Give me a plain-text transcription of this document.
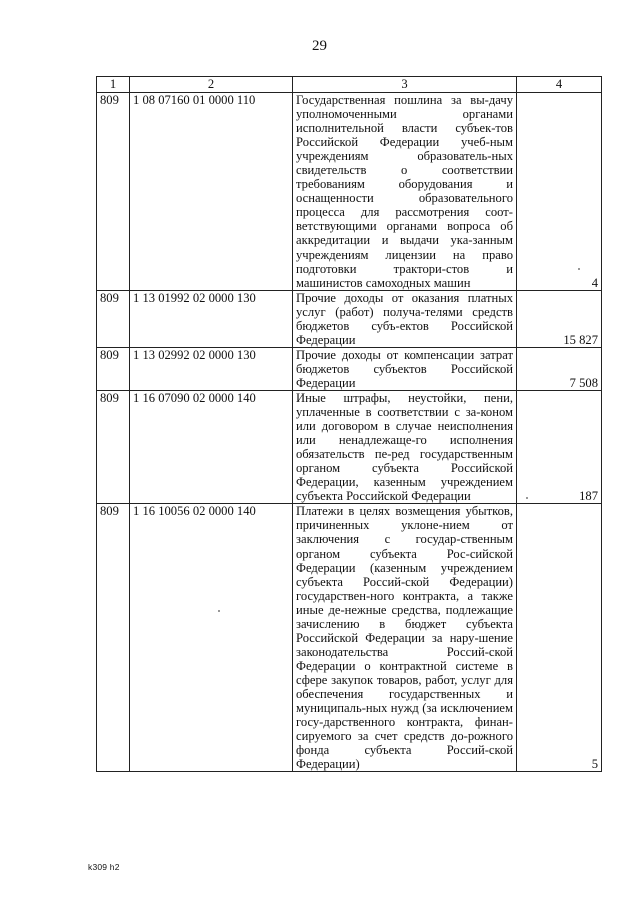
29
1	2	3	4
809	1 08 07160 01 0000 110	Государственная пошлина за вы-дачу уполномоченными органами исполнительной власти субъек-тов Российской Федерации учеб-ным учреждениям образователь-ных свидетельств о соответствии требованиям оборудования и оснащенности образовательного процесса для рассмотрения соот-ветствующими органами вопроса об аккредитации и выдачи ука-занным учреждениям лицензии на право подготовки трактори-стов и машинистов самоходных машин	4
809	1 13 01992 02 0000 130	Прочие доходы от оказания платных услуг (работ) получа-телями средств бюджетов субъ-ектов Российской Федерации	15 827
809	1 13 02992 02 0000 130	Прочие доходы от компенсации затрат бюджетов субъектов Российской Федерации	7 508
809	1 16 07090 02 0000 140	Иные штрафы, неустойки, пени, уплаченные в соответствии с за-коном или договором в случае неисполнения или ненадлежаще-го исполнения обязательств пе-ред государственным органом субъекта Российской Федерации, казенным учреждением субъекта Российской Федерации	187
809	1 16 10056 02 0000 140	Платежи в целях возмещения убытков, причиненных уклоне-нием от заключения с государ-ственным органом субъекта Рос-сийской Федерации (казенным учреждением субъекта Россий-ской Федерации) государствен-ного контракта, а также иные де-нежные средства, подлежащие зачислению в бюджет субъекта Российской Федерации за нару-шение законодательства Россий-ской Федерации о контрактной системе в сфере закупок товаров, работ, услуг для обеспечения государственных и муниципаль-ных нужд (за исключением госу-дарственного контракта, финан-сируемого за счет средств до-рожного фонда субъекта Россий-ской Федерации)	5
k309 h2
